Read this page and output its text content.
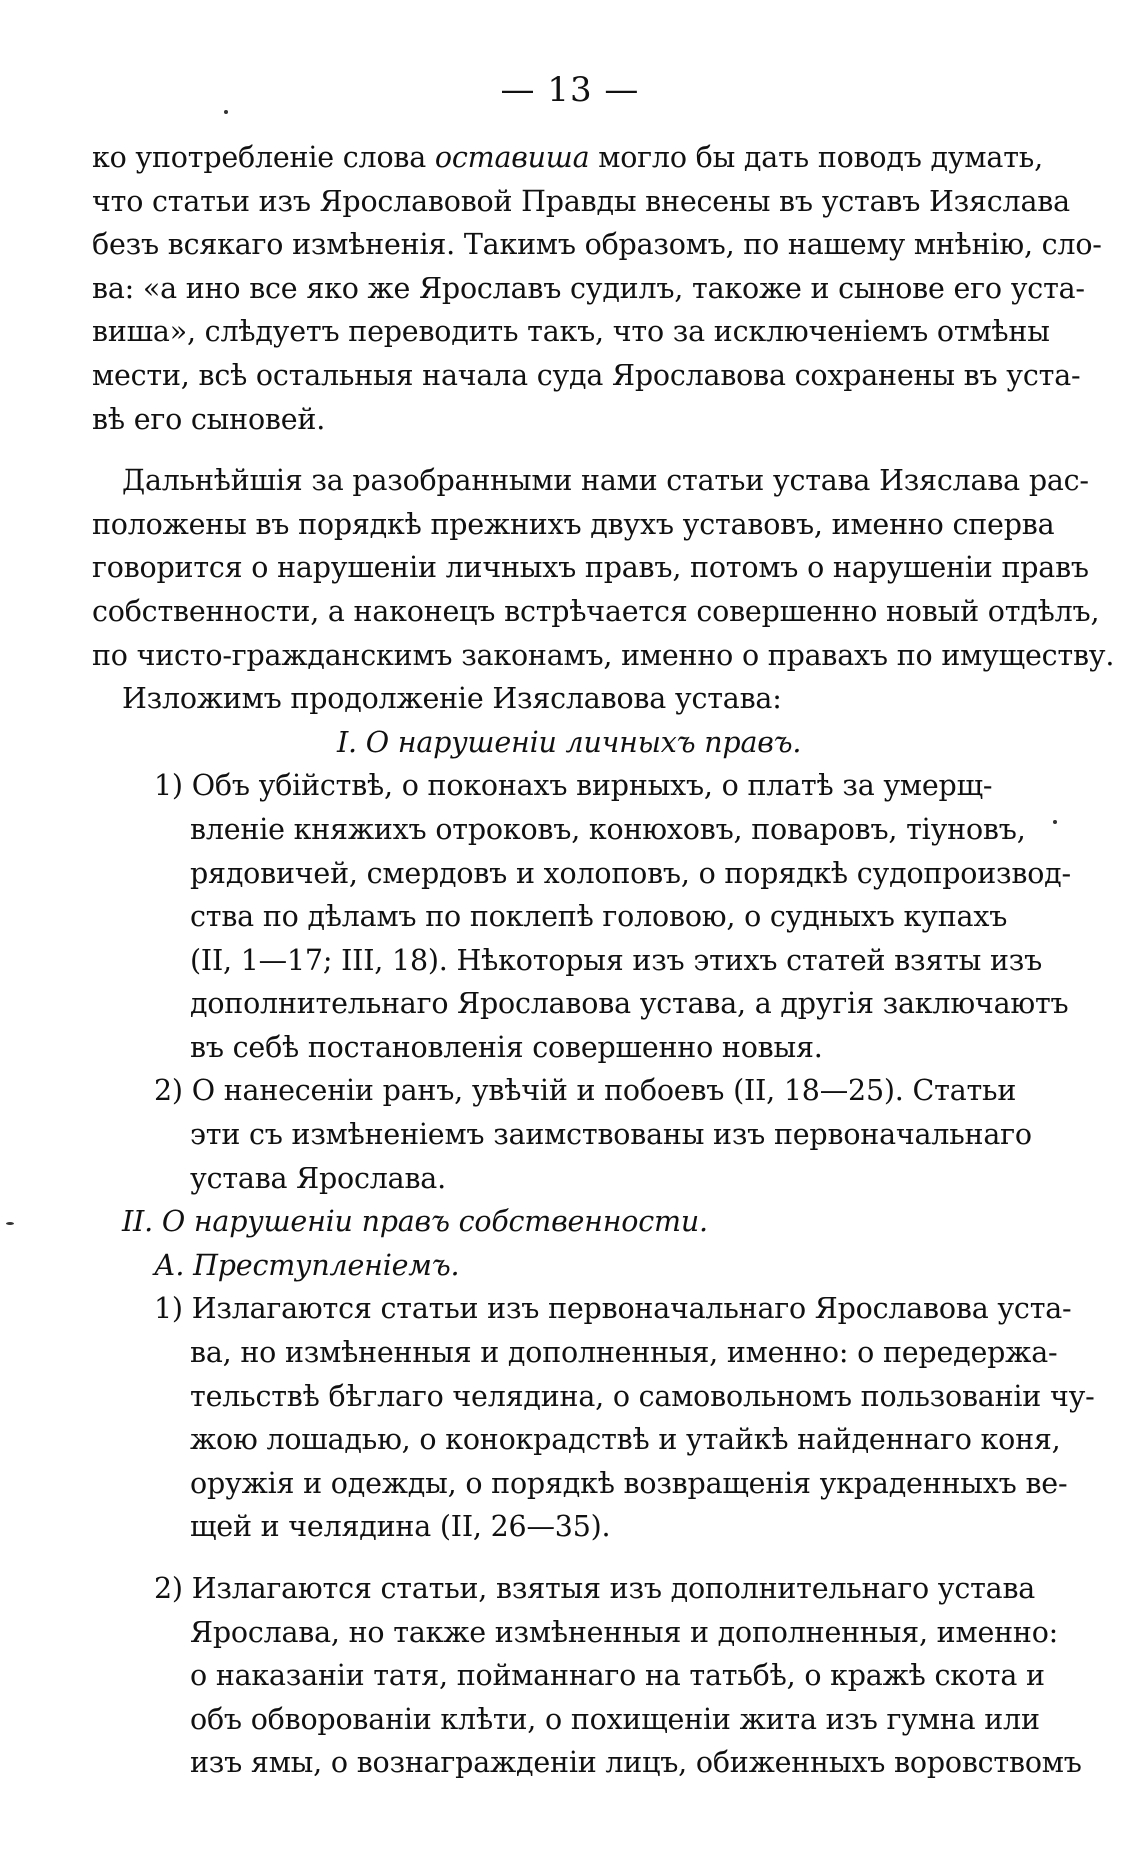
— 13 —
ко употребленіе слова оставиша могло бы дать поводъ думать,
что статьи изъ Ярославовой Правды внесены въ уставъ Изяслава
безъ всякаго измѣненія. Такимъ образомъ, по нашему мнѣнію, сло-
ва: «а ино все яко же Ярославъ судилъ, такоже и сынове его уста-
виша», слѣдуетъ переводить такъ, что за исключеніемъ отмѣны
мести, всѣ остальныя начала суда Ярославова сохранены въ уста-
вѣ его сыновей.
Дальнѣйшія за разобранными нами статьи устава Изяслава рас-
положены въ порядкѣ прежнихъ двухъ уставовъ, именно сперва
говорится о нарушеніи личныхъ правъ, потомъ о нарушеніи правъ
собственности, а наконецъ встрѣчается совершенно новый отдѣлъ,
по чисто-гражданскимъ законамъ, именно о правахъ по имуществу.
Изложимъ продолженіе Изяславова устава:
I. О нарушеніи личныхъ правъ.
1) Объ убійствѣ, о поконахъ вирныхъ, о платѣ за умерщ-
вленіе княжихъ отроковъ, конюховъ, поваровъ, тіуновъ,
рядовичей, смердовъ и холоповъ, о порядкѣ судопроизвод-
ства по дѣламъ по поклепѣ головою, о судныхъ купахъ
(II, 1—17; III, 18). Нѣкоторыя изъ этихъ статей взяты изъ
дополнительнаго Ярославова устава, а другія заключаютъ
въ себѣ постановленія совершенно новыя.
2) О нанесеніи ранъ, увѣчій и побоевъ (II, 18—25). Статьи
эти съ измѣненіемъ заимствованы изъ первоначальнаго
устава Ярослава.
II. О нарушеніи правъ собственности.
А. Преступленіемъ.
1) Излагаются статьи изъ первоначальнаго Ярославова уста-
ва, но измѣненныя и дополненныя, именно: о передержа-
тельствѣ бѣглаго челядина, о самовольномъ пользованіи чу-
жою лошадью, о конокрадствѣ и утайкѣ найденнаго коня,
оружія и одежды, о порядкѣ возвращенія украденныхъ ве-
щей и челядина (II, 26—35).
2) Излагаются статьи, взятыя изъ дополнительнаго устава
Ярослава, но также измѣненныя и дополненныя, именно:
о наказаніи татя, пойманнаго на татьбѣ, о кражѣ скота и
объ обворованіи клѣти, о похищеніи жита изъ гумна или
изъ ямы, о вознагражденіи лицъ, обиженныхъ воровствомъ
